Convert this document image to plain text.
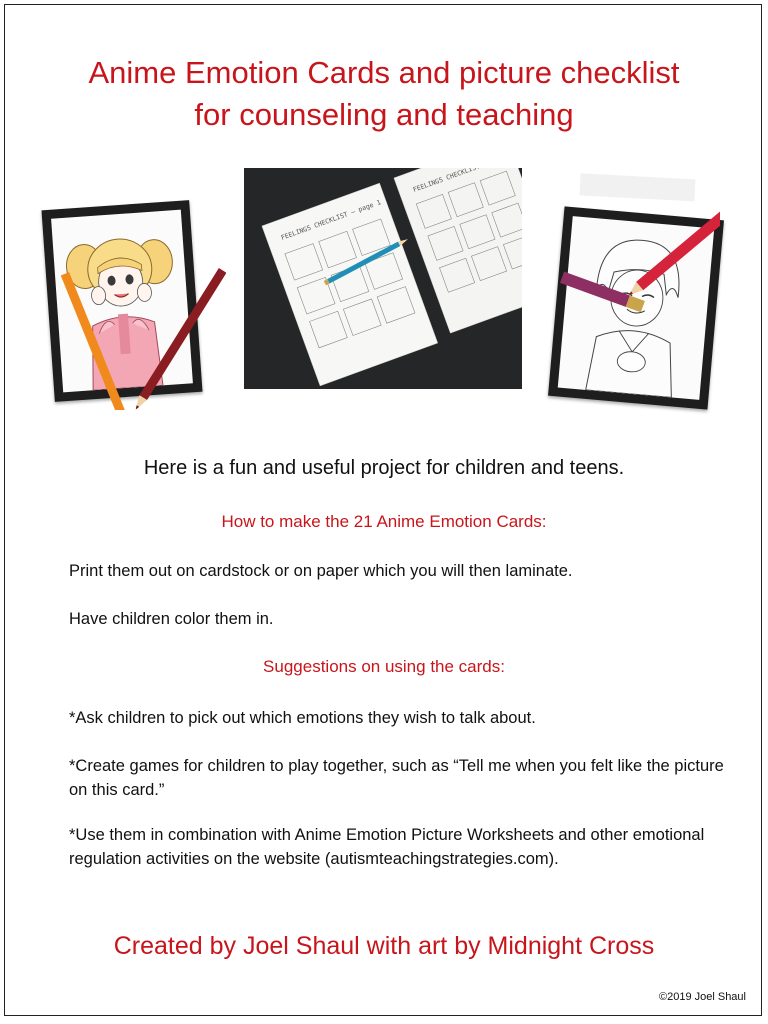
Anime Emotion Cards and picture checklist
for counseling and teaching
FEELINGS CHECKLIST – page 1
Here is a fun and useful project for children and teens.
How to make the 21 Anime Emotion Cards:
Print them out on cardstock or on paper which you will then laminate.
Have children color them in.
Suggestions on using the cards:
*Ask children to pick out which emotions they wish to talk about.
*Create games for children to play together, such as “Tell me when you felt like the picture on this card.”
*Use them in combination with Anime Emotion Picture Worksheets and other emotional regulation activities on the website (autismteachingstrategies.com).
Created by Joel Shaul with art by Midnight Cross
©2019 Joel Shaul
